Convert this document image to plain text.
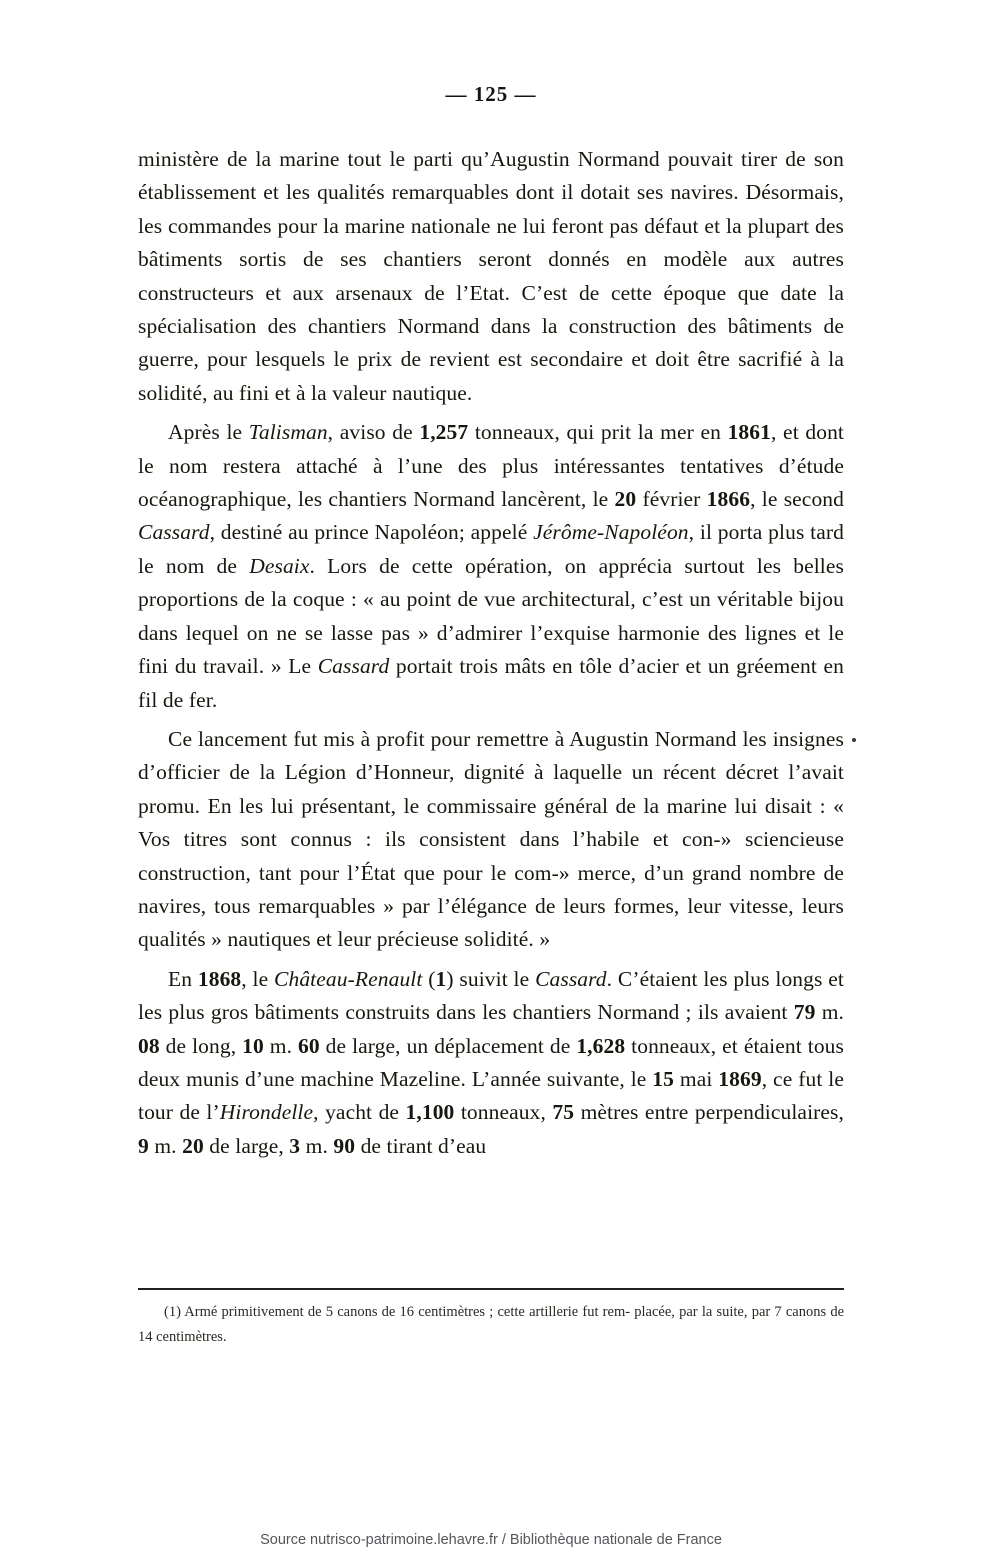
— 125 —

ministère de la marine tout le parti qu’Augustin Normand pouvait tirer de son établissement et les qualités remarquables dont il dotait ses navires. Désormais, les commandes pour la marine nationale ne lui feront pas défaut et la plupart des bâtiments sortis de ses chantiers seront donnés en modèle aux autres constructeurs et aux arsenaux de l’Etat. C’est de cette époque que date la spécialisation des chantiers Normand dans la construction des bâtiments de guerre, pour lesquels le prix de revient est secondaire et doit être sacrifié à la solidité, au fini et à la valeur nautique.

Après le Talisman, aviso de 1,257 tonneaux, qui prit la mer en 1861, et dont le nom restera attaché à l’une des plus intéressantes tentatives d’étude océanographique, les chantiers Normand lancèrent, le 20 février 1866, le second Cassard, destiné au prince Napoléon; appelé Jérôme-Napoléon, il porta plus tard le nom de Desaix. Lors de cette opération, on apprécia surtout les belles proportions de la coque : « au point de vue architectural, c’est un véritable bijou dans lequel on ne se lasse pas » d’admirer l’exquise harmonie des lignes et le fini du travail. » Le Cassard portait trois mâts en tôle d’acier et un gréement en fil de fer.

Ce lancement fut mis à profit pour remettre à Augustin Normand les insignes d’officier de la Légion d’Honneur, dignité à laquelle un récent décret l’avait promu. En les lui présentant, le commissaire général de la marine lui disait : « Vos titres sont connus : ils consistent dans l’habile et con-» sciencieuse construction, tant pour l’État que pour le com-» merce, d’un grand nombre de navires, tous remarquables » par l’élégance de leurs formes, leur vitesse, leurs qualités » nautiques et leur précieuse solidité. »

En 1868, le Château-Renault (1) suivit le Cassard. C’étaient les plus longs et les plus gros bâtiments construits dans les chantiers Normand ; ils avaient 79 m. 08 de long, 10 m. 60 de large, un déplacement de 1,628 tonneaux, et étaient tous deux munis d’une machine Mazeline. L’année suivante, le 15 mai 1869, ce fut le tour de l’Hirondelle, yacht de 1,100 tonneaux, 75 mètres entre perpendiculaires, 9 m. 20 de large, 3 m. 90 de tirant d’eau

(1) Armé primitivement de 5 canons de 16 centimètres ; cette artillerie fut rem- placée, par la suite, par 7 canons de 14 centimètres.
Source nutrisco-patrimoine.lehavre.fr / Bibliothèque nationale de France
